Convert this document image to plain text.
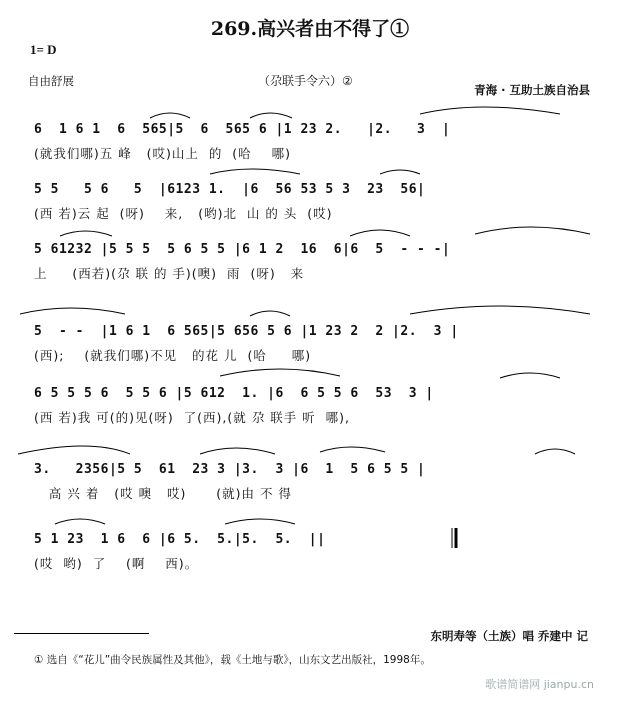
269.高兴者由不得了①
1= D
自由舒展	（尕联手令六）②
青海 · 互助土族自治县
6  1 6 1  6  565|5  6  565 6 |1 23 2.   |2.   3  |
(就我们哪)五 峰   (哎)山上  的  (哈    哪)
5 5   5 6   5  |6123 1.  |6  56 53 5 3  23  56|
(西 若)云 起  (呀)    来,   (哟)北  山 的 头  (哎)
5 61232 |5 5 5  5 6 5 5 |6 1 2  16  6|6  5  - - -|
上     (西若)(尕 联 的 手)(噢)  雨  (呀)   来
5  - -  |1 6 1  6 565|5 656 5 6 |1 23 2  2 |2.  3 |
(西);    (就我们哪)不见   的花 儿  (哈     哪)
6 5 5 5 6  5 5 6 |5 612  1. |6  6 5 5 6  53  3 |
(西 若)我 可(的)见(呀)  了(西),(就 尕 联手 听  哪),
3.   2356|5 5  61  23 3 |3.  3 |6  1  5 6 5 5 |
高 兴 着   (哎 噢   哎)      (就)由 不 得
5 1 23  1 6  6 |6 5.  5.|5.  5.  ||
(哎  哟)  了    (啊    西)。
东明寿等（土族）唱 乔建中 记
① 选自《“花儿”曲令民族属性及其他》，载《土地与歌》，山东文艺出版社，1998年。
歌谱简谱网 jianpu.cn
